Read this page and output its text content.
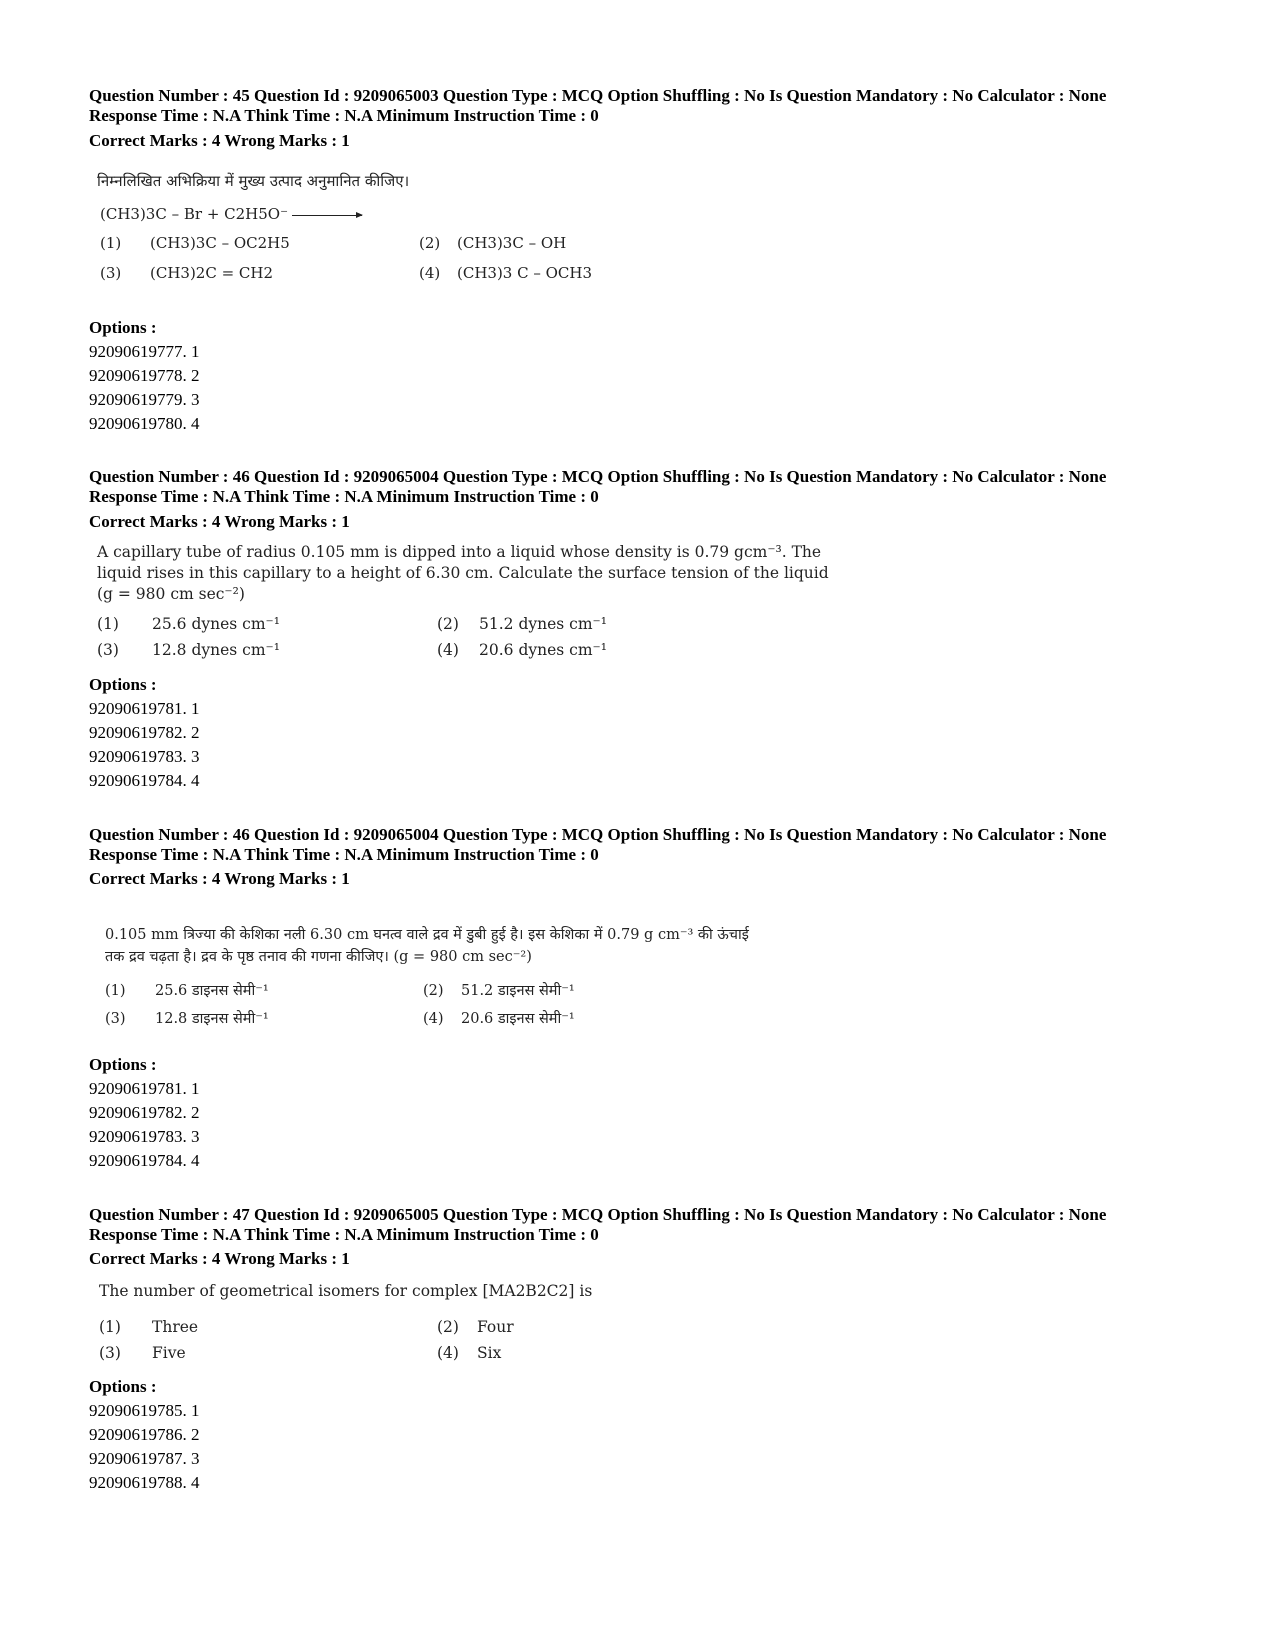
Question Number : 45 Question Id : 9209065003 Question Type : MCQ Option Shuffling : No Is Question Mandatory : No Calculator : None
Response Time : N.A Think Time : N.A Minimum Instruction Time : 0
Correct Marks : 4 Wrong Marks : 1
निम्नलिखित अभिक्रिया में मुख्य उत्पाद अनुमानित कीजिए।
(CH3)3C – Br + C2H5O⁻
(1) (CH3)3C – OC2H5	(2) (CH3)3C – OH
(3) (CH3)2C = CH2	(4) (CH3)3 C – OCH3
Options :
92090619777. 1
92090619778. 2
92090619779. 3
92090619780. 4
Question Number : 46 Question Id : 9209065004 Question Type : MCQ Option Shuffling : No Is Question Mandatory : No Calculator : None
Response Time : N.A Think Time : N.A Minimum Instruction Time : 0
Correct Marks : 4 Wrong Marks : 1
A capillary tube of radius 0.105 mm is dipped into a liquid whose density is 0.79 gcm⁻³. The
liquid rises in this capillary to a height of 6.30 cm. Calculate the surface tension of the liquid
(g = 980 cm sec⁻²)
(1) 25.6 dynes cm⁻¹	(2) 51.2 dynes cm⁻¹
(3) 12.8 dynes cm⁻¹	(4) 20.6 dynes cm⁻¹
Options :
92090619781. 1
92090619782. 2
92090619783. 3
92090619784. 4
Question Number : 46 Question Id : 9209065004 Question Type : MCQ Option Shuffling : No Is Question Mandatory : No Calculator : None
Response Time : N.A Think Time : N.A Minimum Instruction Time : 0
Correct Marks : 4 Wrong Marks : 1
0.105 mm त्रिज्या की केशिका नली 6.30 cm घनत्व वाले द्रव में डुबी हुई है। इस केशिका में 0.79 g cm⁻³ की ऊंचाई
तक द्रव चढ़ता है। द्रव के पृष्ठ तनाव की गणना कीजिए। (g = 980 cm sec⁻²)
(1) 25.6 डाइनस सेमी⁻¹	(2) 51.2 डाइनस सेमी⁻¹
(3) 12.8 डाइनस सेमी⁻¹	(4) 20.6 डाइनस सेमी⁻¹
Options :
92090619781. 1
92090619782. 2
92090619783. 3
92090619784. 4
Question Number : 47 Question Id : 9209065005 Question Type : MCQ Option Shuffling : No Is Question Mandatory : No Calculator : None
Response Time : N.A Think Time : N.A Minimum Instruction Time : 0
Correct Marks : 4 Wrong Marks : 1
The number of geometrical isomers for complex [MA2B2C2] is
(1) Three	(2) Four
(3) Five	(4) Six
Options :
92090619785. 1
92090619786. 2
92090619787. 3
92090619788. 4
